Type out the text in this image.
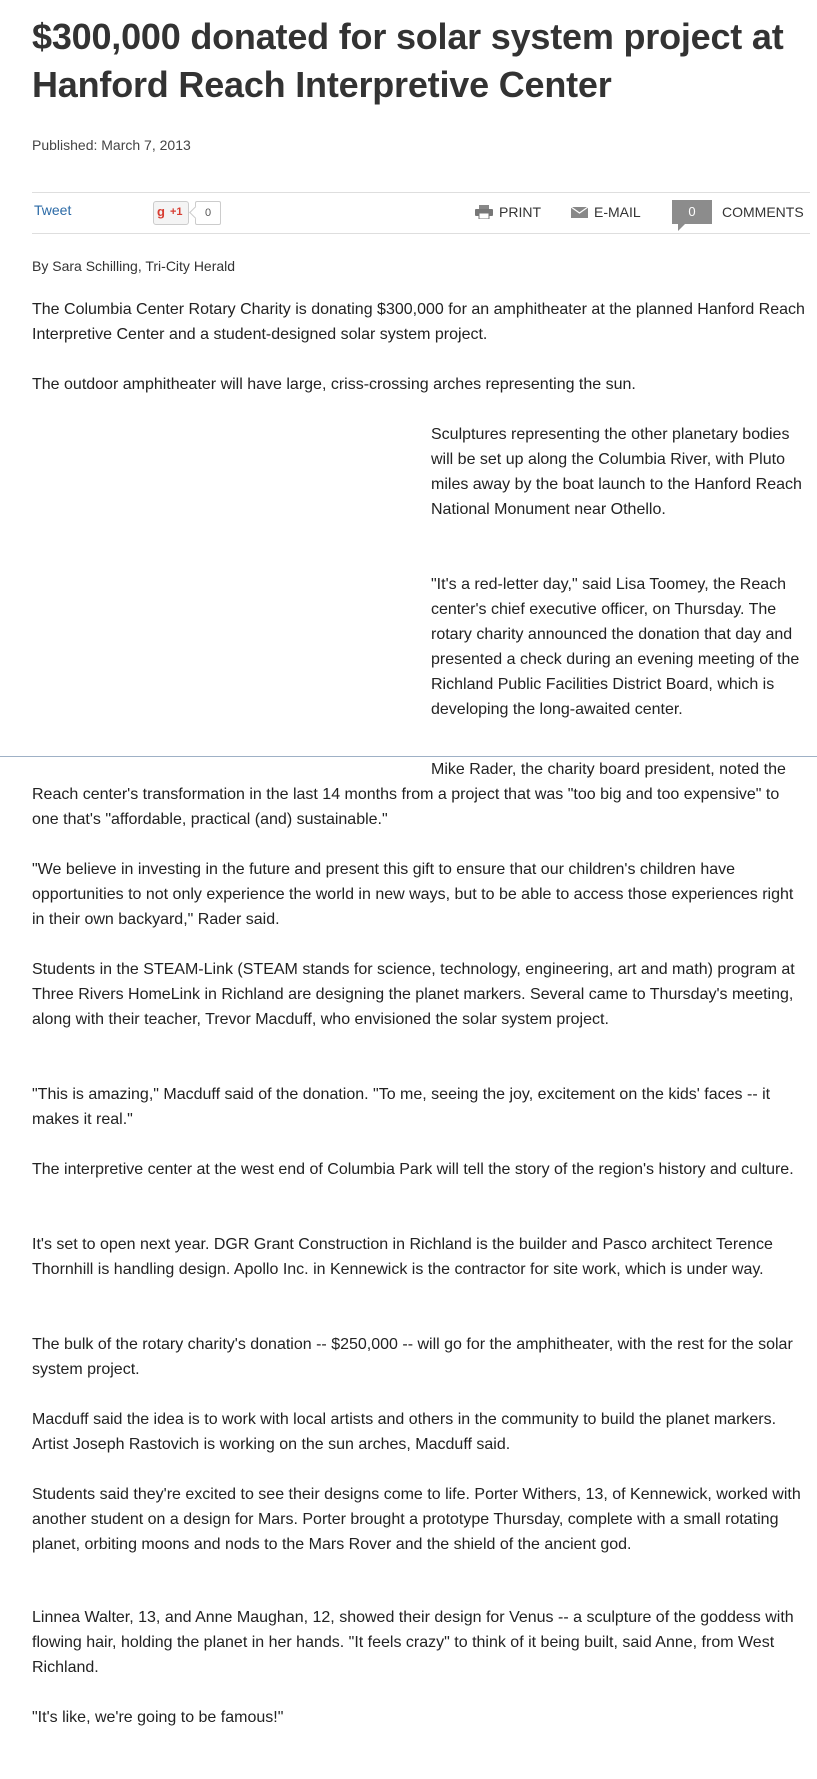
$300,000 donated for solar system project at Hanford Reach Interpretive Center
Published: March 7, 2013
Tweet	g +1	0	PRINT	E-MAIL	0	COMMENTS
By Sara Schilling, Tri-City Herald

The Columbia Center Rotary Charity is donating $300,000 for an amphitheater at the planned Hanford Reach Interpretive Center and a student-designed solar system project.

The outdoor amphitheater will have large, criss-crossing arches representing the sun.

Sculptures representing the other planetary bodies will be set up along the Columbia River, with Pluto miles away by the boat launch to the Hanford Reach National Monument near Othello.

"It's a red-letter day," said Lisa Toomey, the Reach center's chief executive officer, on Thursday. The rotary charity announced the donation that day and presented a check during an evening meeting of the Richland Public Facilities District Board, which is developing the long-awaited center.

Mike Rader, the charity board president, noted the Reach center's transformation in the last 14 months from a project that was "too big and too expensive" to one that's "affordable, practical (and) sustainable."

"We believe in investing in the future and present this gift to ensure that our children's children have opportunities to not only experience the world in new ways, but to be able to access those experiences right in their own backyard," Rader said.

Students in the STEAM-Link (STEAM stands for science, technology, engineering, art and math) program at Three Rivers HomeLink in Richland are designing the planet markers. Several came to Thursday's meeting, along with their teacher, Trevor Macduff, who envisioned the solar system project.

"This is amazing," Macduff said of the donation. "To me, seeing the joy, excitement on the kids' faces -- it makes it real."

The interpretive center at the west end of Columbia Park will tell the story of the region's history and culture.

It's set to open next year. DGR Grant Construction in Richland is the builder and Pasco architect Terence Thornhill is handling design. Apollo Inc. in Kennewick is the contractor for site work, which is under way.

The bulk of the rotary charity's donation -- $250,000 -- will go for the amphitheater, with the rest for the solar system project.

Macduff said the idea is to work with local artists and others in the community to build the planet markers. Artist Joseph Rastovich is working on the sun arches, Macduff said.

Students said they're excited to see their designs come to life. Porter Withers, 13, of Kennewick, worked with another student on a design for Mars. Porter brought a prototype Thursday, complete with a small rotating planet, orbiting moons and nods to the Mars Rover and the shield of the ancient god.

Linnea Walter, 13, and Anne Maughan, 12, showed their design for Venus -- a sculpture of the goddess with flowing hair, holding the planet in her hands. "It feels crazy" to think of it being built, said Anne, from West Richland.

"It's like, we're going to be famous!"
